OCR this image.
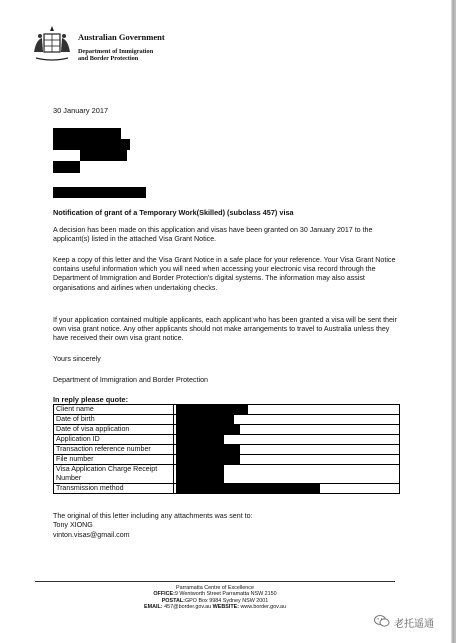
Australian Government
Department of Immigration
and Border Protection
30 January 2017
Notification of grant of a Temporary Work(Skilled) (subclass 457) visa
A decision has been made on this application and visas have been granted on 30 January 2017 to the applicant(s) listed in the attached Visa Grant Notice.
Keep a copy of this letter and the Visa Grant Notice in a safe place for your reference. Your Visa Grant Notice contains useful information which you will need when accessing your electronic visa record through the Department of Immigration and Border Protection's digital systems. The information may also assist organisations and airlines when undertaking checks.
If your application contained multiple applicants, each applicant who has been granted a visa will be sent their own visa grant notice. Any other applicants should not make arrangements to travel to Australia unless they have received their own visa grant notice.
Yours sincerely
Department of Immigration and Border Protection
In reply please quote:
Client name	

Date of birth	

Date of visa application	

Application ID	

Transaction reference number	

File number	

Visa Application Charge Receipt Number	

Transmission method	
The original of this letter including any attachments was sent to:
Tony XIONG
vinton.visas@gmail.com
Parramatta Centre of Excellence
OFFICE:9 Wentworth Street Parramatta NSW 2150
POSTAL:GPO Box 9984 Sydney NSW 2001
EMAIL: 457@border.gov.au WEBSITE: www.border.gov.au
老托遥通
